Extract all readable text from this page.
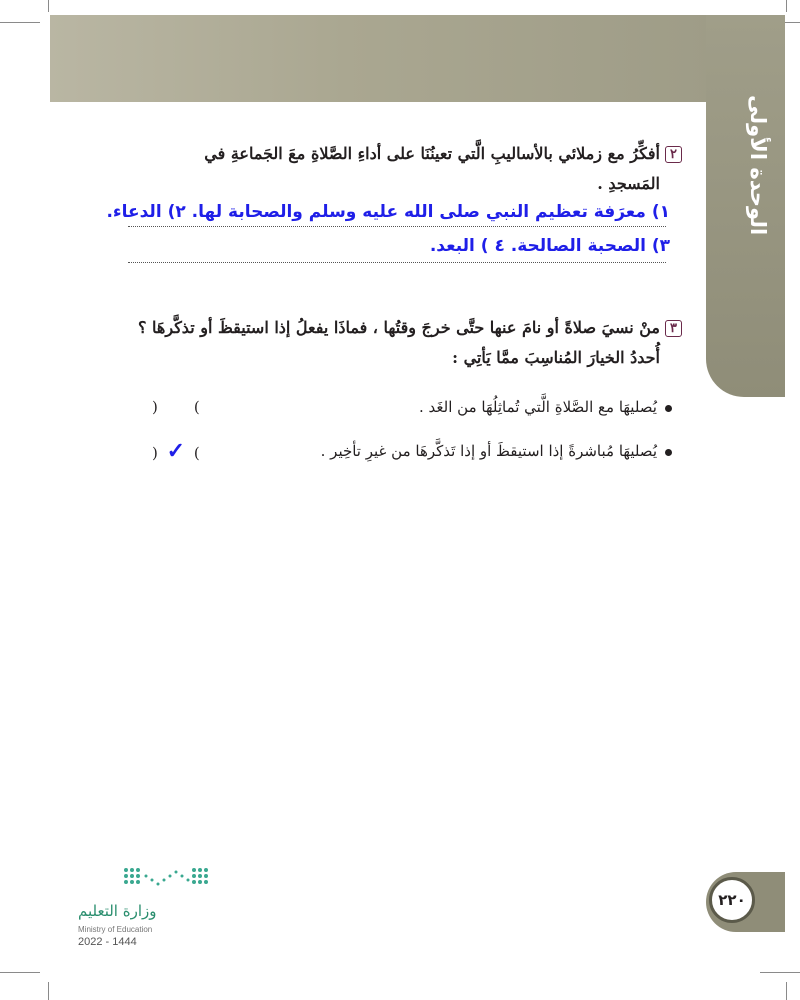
الوحدة الأولى
٢أفكِّرُ مع زملائي بالأساليبِ الَّتي تعينُنَا على أداءِ الصَّلاةِ معَ الجَماعةِ في
المَسجدِ .
١) معرَفة تعظيم النبي صلى الله عليه وسلم والصحابة لها. ٢) الدعاء.
٣) الصحبة الصالحة. ٤ ) البعد.
٣منْ نسيَ صلاةً أو نامَ عنها حتَّى خرجَ وقتُها ، فماذَا يفعلُ إذا استيقظَ أو تذكَّرهَا ؟
أُحددُ الخيارَ المُناسِبَ ممَّا يَأتِي :
يُصليهَا مع الصَّلاةِ الَّتي تُماثِلُهَا من الغَد .
) (
يُصليهَا مُباشرةً إذا استيقظَ أو إذا تَذكَّرهَا من غيرِ تأخِير .
) ✓ (
٢٢٠
وزارة التعليم
Ministry of Education
2022 - 1444
